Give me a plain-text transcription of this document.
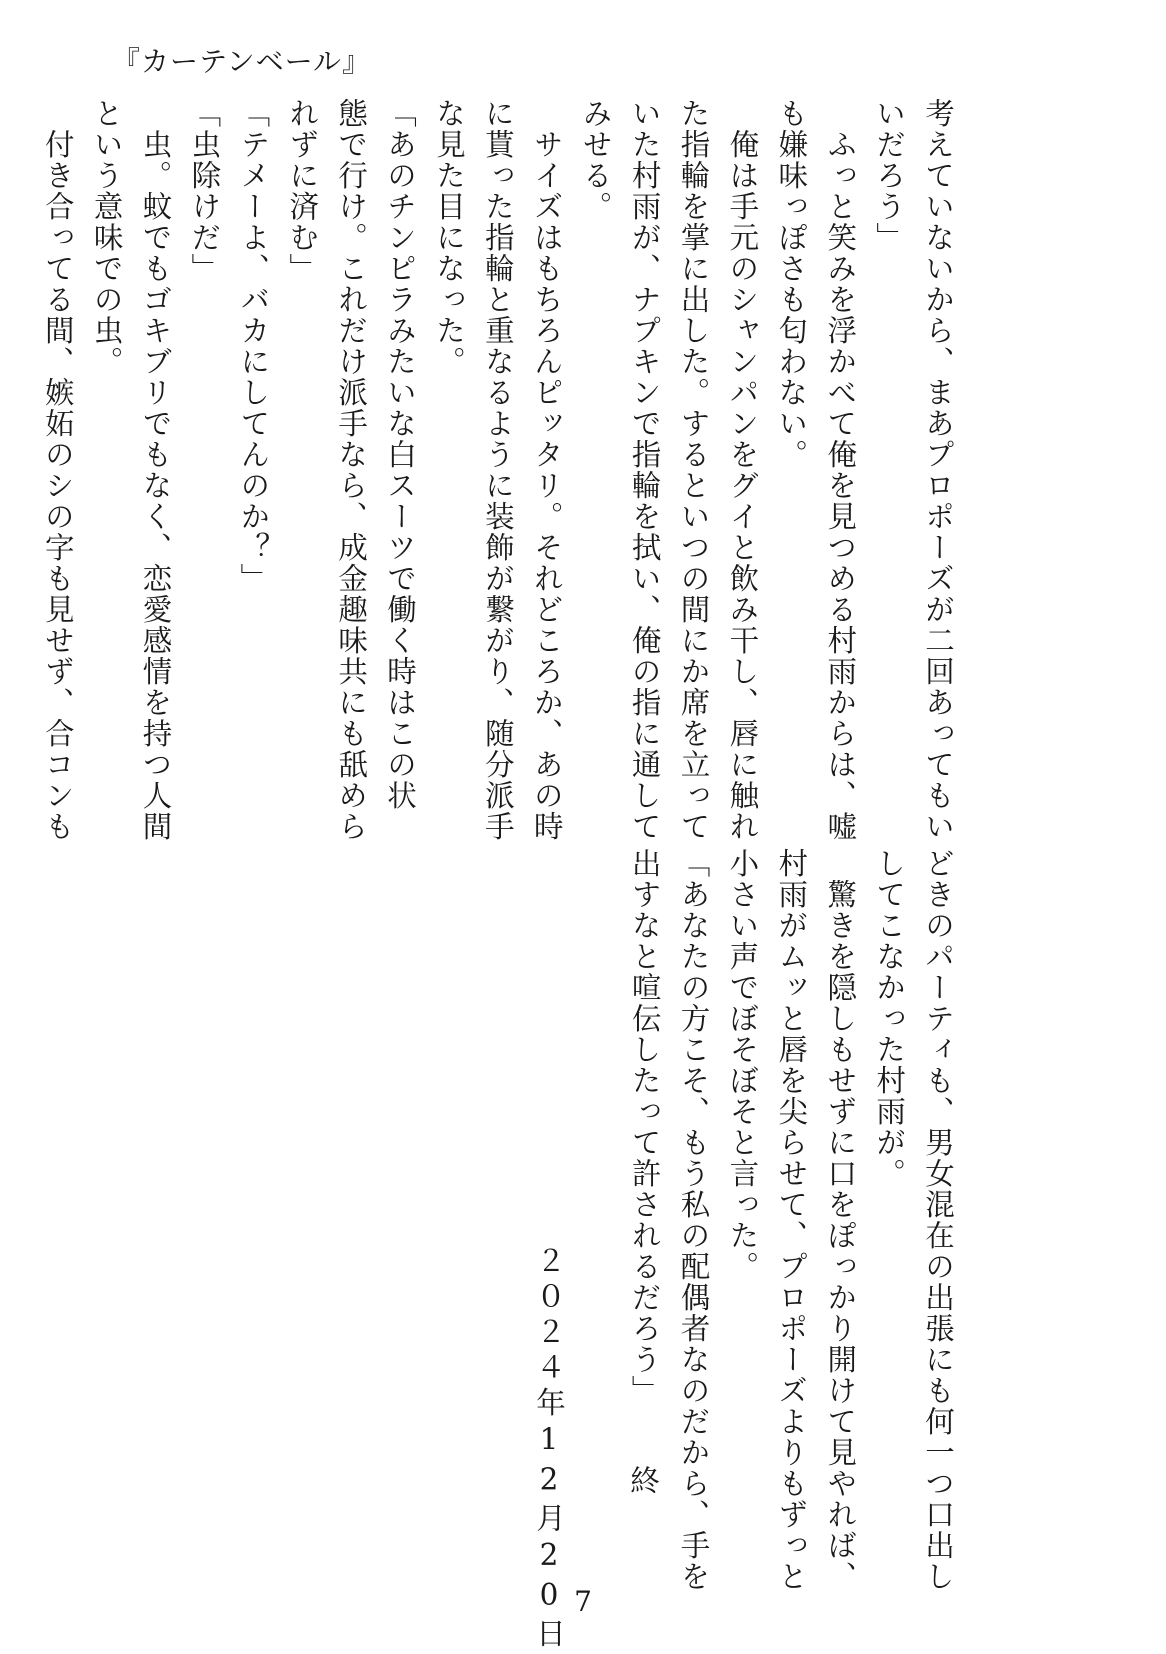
『カーテンベール』
考えていないから、まあプロポーズが二回あってもい
いだろう」
　ふっと笑みを浮かべて俺を見つめる村雨からは、嘘
も嫌味っぽさも匂わない。
　俺は手元のシャンパンをグイと飲み干し、唇に触れ
た指輪を掌に出した。するといつの間にか席を立って
いた村雨が、ナプキンで指輪を拭い、俺の指に通して
みせる。
　サイズはもちろんピッタリ。それどころか、あの時
に貰った指輪と重なるように装飾が繋がり、随分派手
な見た目になった。
「あのチンピラみたいな白スーツで働く時はこの状
態で行け。これだけ派手なら、成金趣味共にも舐めら
れずに済む」
「テメーよ、バカにしてんのか？」
「虫除けだ」
　虫。蚊でもゴキブリでもなく、恋愛感情を持つ人間
という意味での虫。
　付き合ってる間、嫉妬のシの字も見せず、合コンも
どきのパーティも、男女混在の出張にも何一つ口出し
してこなかった村雨が。
　驚きを隠しもせずに口をぽっかり開けて見やれば、
村雨がムッと唇を尖らせて、プロポーズよりもずっと
小さい声でぼそぼそと言った。
「あなたの方こそ、もう私の配偶者なのだから、手を
出すなと喧伝したって許されるだろう」
終
２０２４年12月20日 7
